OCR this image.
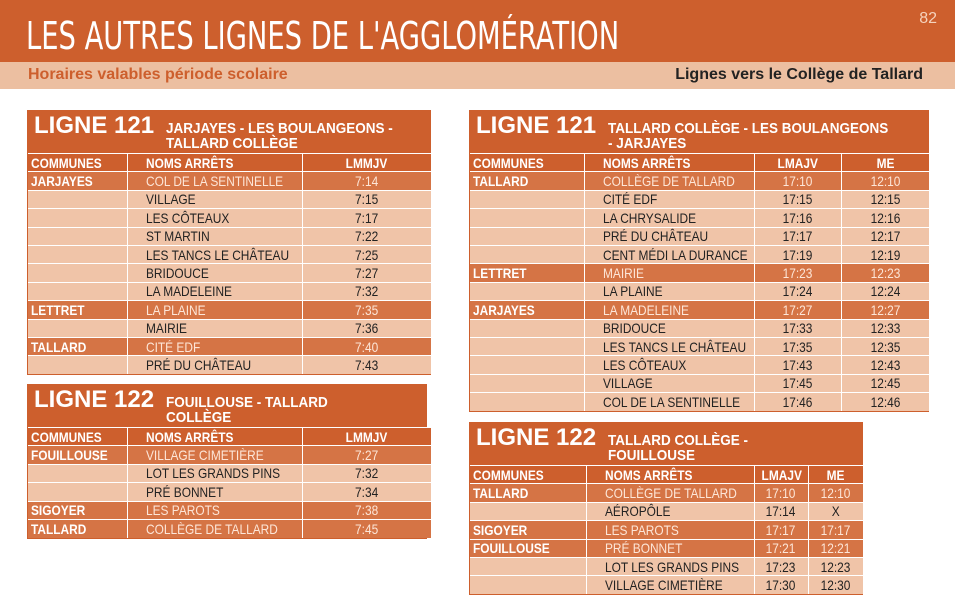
LES AUTRES LIGNES DE L'AGGLOMÉRATION	82
Horaires valables période scolaire	Lignes vers le Collège de Tallard
LIGNE 121 JARJAYES - LES BOULANGEONS - TALLARD COLLÈGE
COMMUNES	NOMS ARRÊTS	LMMJV
JARJAYES	COL DE LA SENTINELLE	7:14
	VILLAGE	7:15
	LES CÔTEAUX	7:17
	ST MARTIN	7:22
	LES TANCS LE CHÂTEAU	7:25
	BRIDOUCE	7:27
	LA MADELEINE	7:32
LETTRET	LA PLAINE	7:35
	MAIRIE	7:36
TALLARD	CITÉ EDF	7:40
	PRÉ DU CHÂTEAU	7:43
LIGNE 122 FOUILLOUSE - TALLARD COLLÈGE
COMMUNES	NOMS ARRÊTS	LMMJV
FOUILLOUSE	VILLAGE CIMETIÈRE	7:27
	LOT LES GRANDS PINS	7:32
	PRÉ BONNET	7:34
SIGOYER	LES PAROTS	7:38
TALLARD	COLLÈGE DE TALLARD	7:45
LIGNE 121 TALLARD COLLÈGE - LES BOULANGEONS - JARJAYES
COMMUNES	NOMS ARRÊTS	LMAJV	ME
TALLARD	COLLÈGE DE TALLARD	17:10	12:10
	CITÉ EDF	17:15	12:15
	LA CHRYSALIDE	17:16	12:16
	PRÉ DU CHÂTEAU	17:17	12:17
	CENT MÉDI LA DURANCE	17:19	12:19
LETTRET	MAIRIE	17:23	12:23
	LA PLAINE	17:24	12:24
JARJAYES	LA MADELEINE	17:27	12:27
	BRIDOUCE	17:33	12:33
	LES TANCS LE CHÂTEAU	17:35	12:35
	LES CÔTEAUX	17:43	12:43
	VILLAGE	17:45	12:45
	COL DE LA SENTINELLE	17:46	12:46
LIGNE 122 TALLARD COLLÈGE - FOUILLOUSE
COMMUNES	NOMS ARRÊTS	LMAJV	ME
TALLARD	COLLÈGE DE TALLARD	17:10	12:10
	AÉROPÔLE	17:14	X
SIGOYER	LES PAROTS	17:17	17:17
FOUILLOUSE	PRÉ BONNET	17:21	12:21
	LOT LES GRANDS PINS	17:23	12:23
	VILLAGE CIMETIÈRE	17:30	12:30
